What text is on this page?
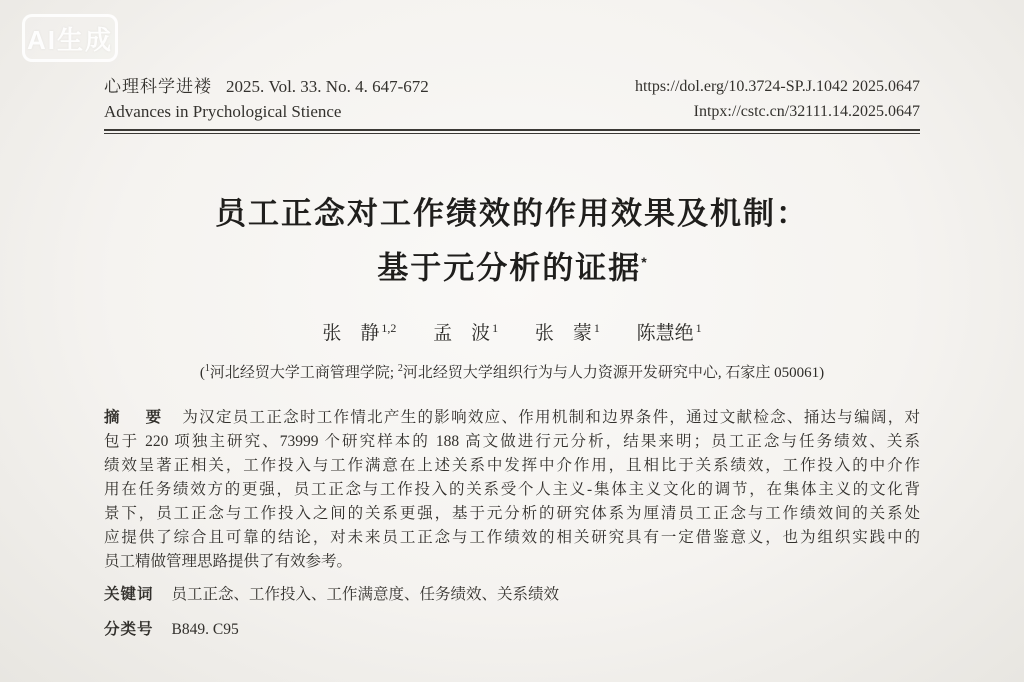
AI生成
心理科学进褛 2025. Vol. 33. No. 4. 647-672
Advances in Prychological Stience
https://dol.erg/10.3724-SP.J.1042 2025.0647
Intpx://cstc.cn/32111.14.2025.0647
员工正念对工作绩效的作用效果及机制：
基于元分析的证据*
张　静 $^{1,2}$ 孟　波 $^1$ 张　蒙 $^1$ 陈慧绝 $^1$
($^1$河北经贸大学工商管理学院; $^2$河北经贸大学组织行为与人力资源开发研究中心, 石家庄 050061)
摘　要 为汉定员工正念时工作情北产生的影响效应、作用机制和边界条件，通过文献检念、捅达与编阔，对
包于 220 项独主研究、73999 个研究样本的 188 高文做进行元分析，结果来明；员工正念与任务绩效、关系
绩效呈著正相关，工作投入与工作满意在上述关系中发挥中介作用，且相比于关系绩效，工作投入的中介作
用在任务绩效方的更强，员工正念与工作投入的关系受个人主义-集体主义文化的调节，在集体主义的文化背
景下，员工正念与工作投入之间的关系更强，基于元分析的研究体系为厘清员工正念与工作绩效间的关系处
应提供了综合且可靠的结论，对未来员工正念与工作绩效的相关研究具有一定借鉴意义，也为组织实践中的
员工精做管理思路提供了有效参考。
关键词 员工正念、工作投入、工作满意度、任务绩效、关系绩效
分类号 B849. C95
